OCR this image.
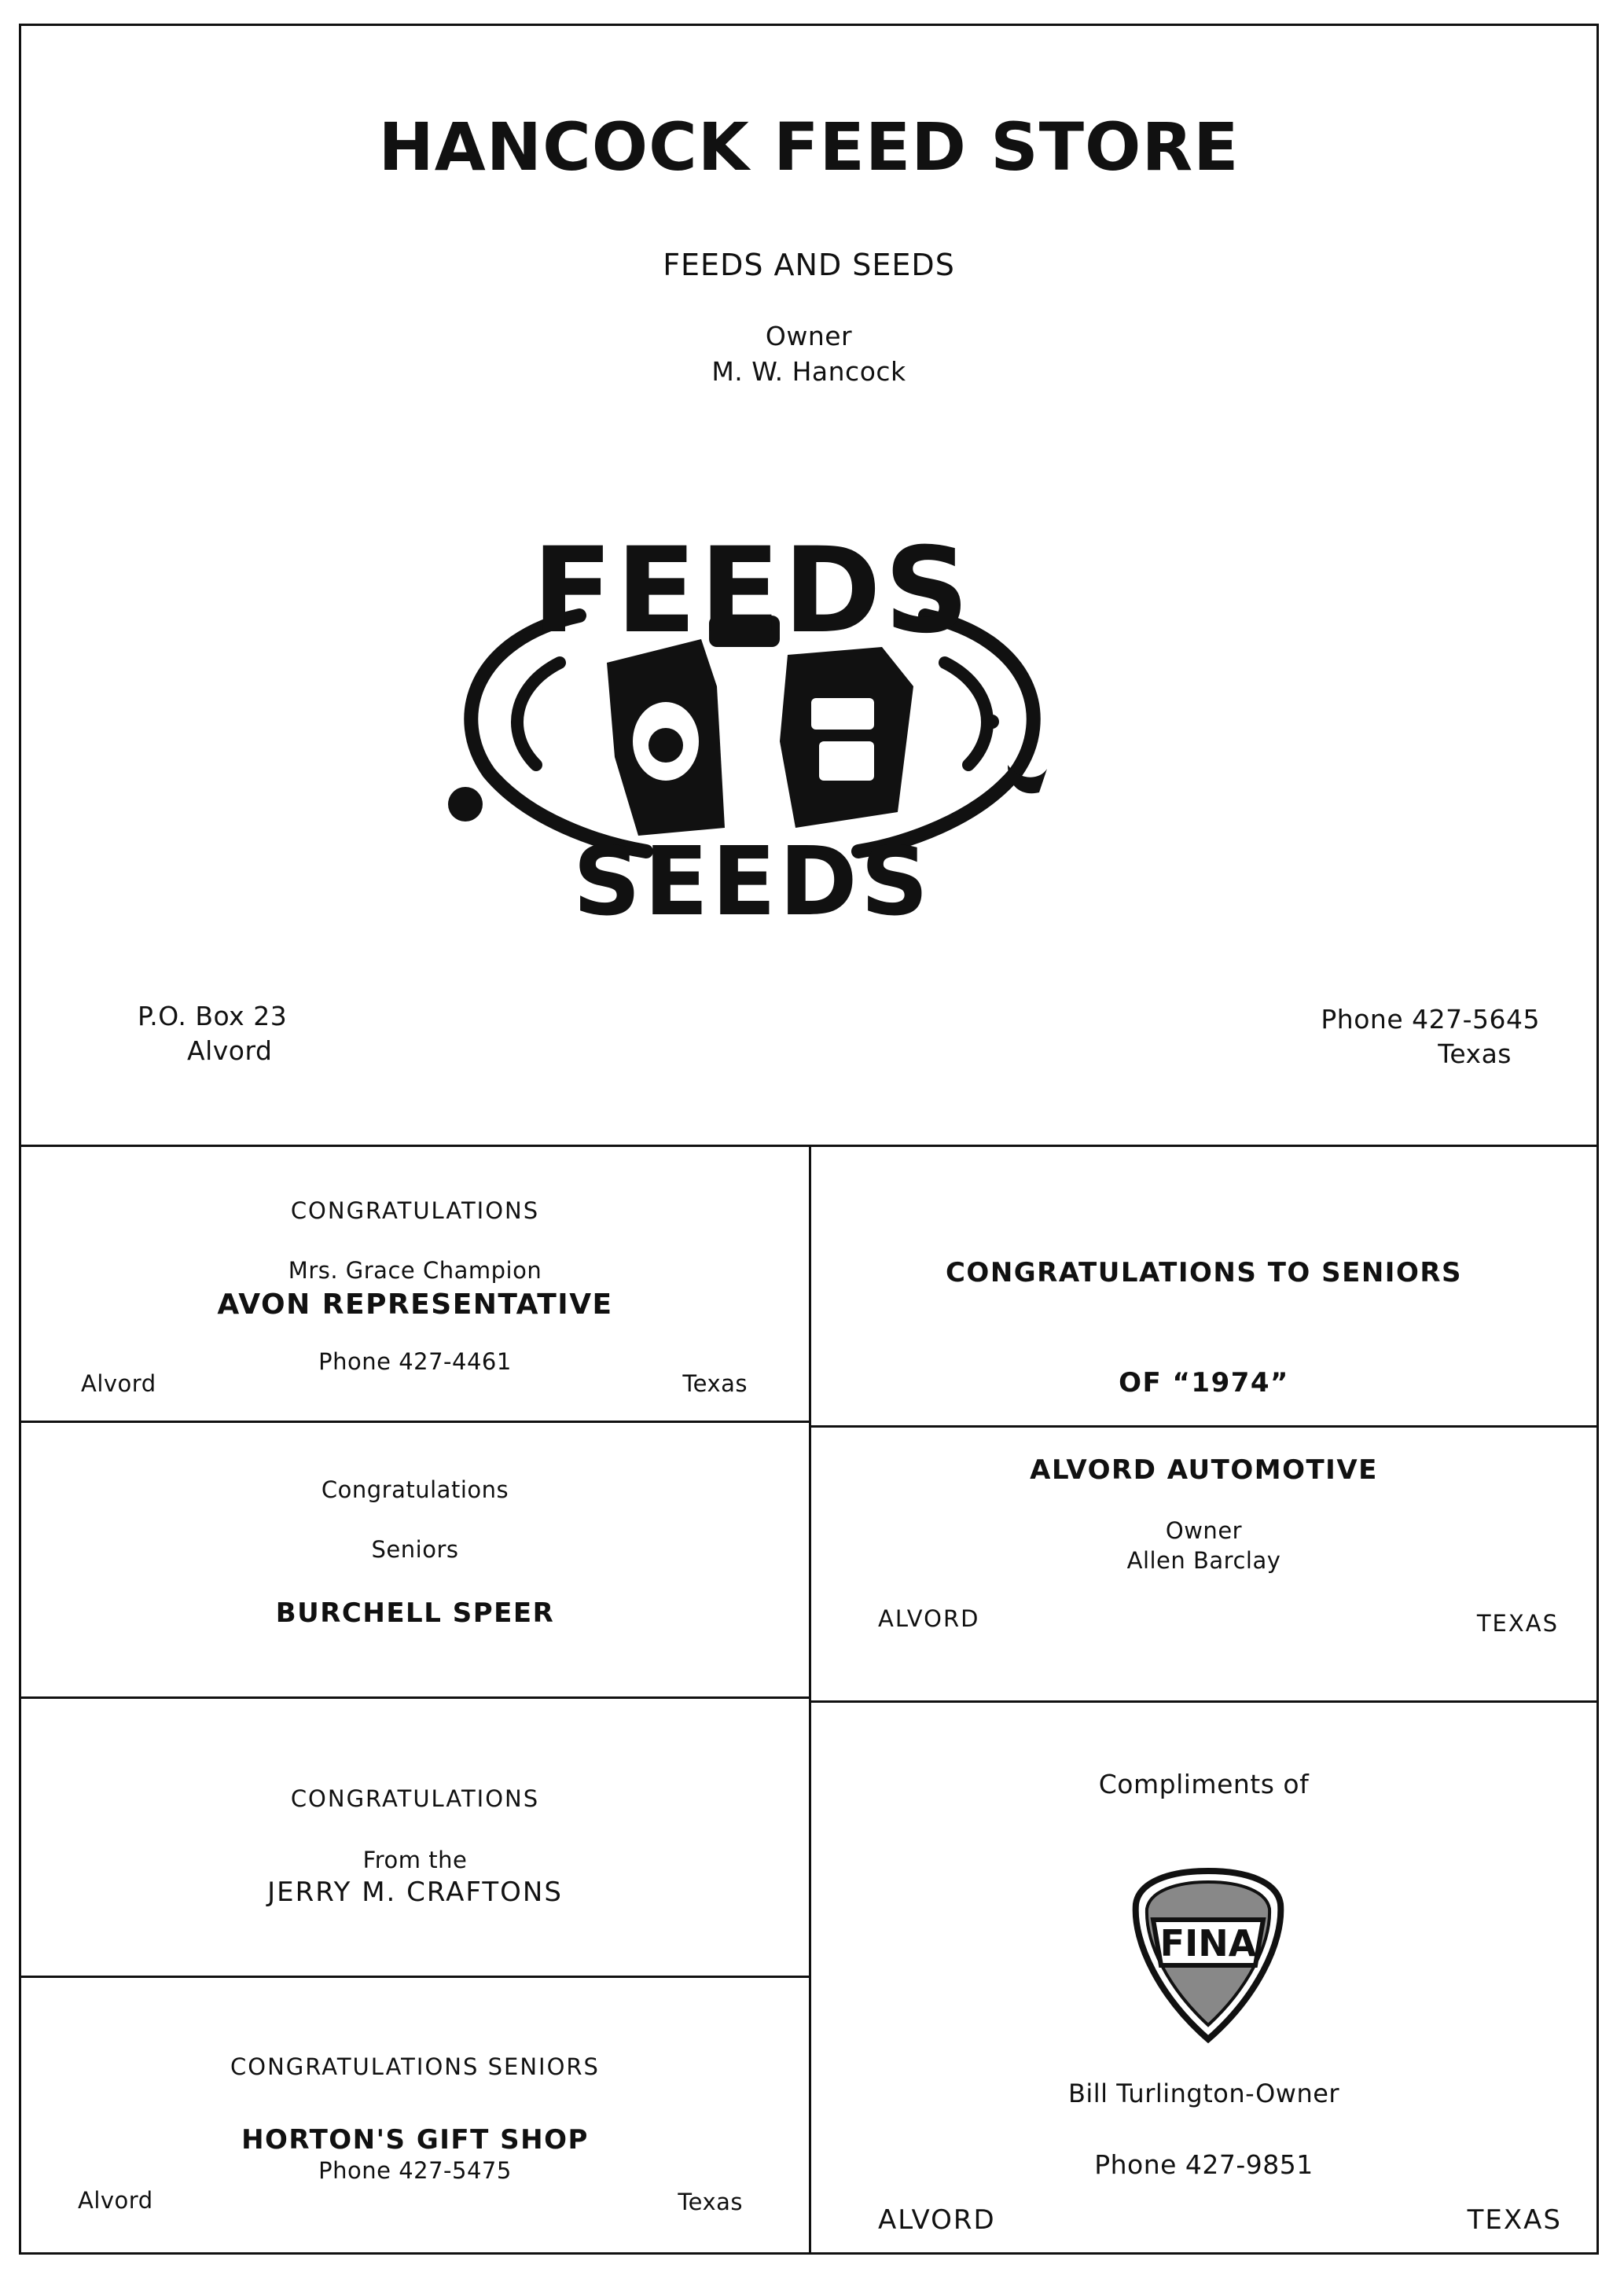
HANCOCK FEED STORE
FEEDS AND SEEDS
Owner
M. W. Hancock
FEEDS
SEEDS
P.O. Box 23
Alvord
Phone 427-5645
Texas
CONGRATULATIONS
Mrs. Grace Champion
AVON REPRESENTATIVE
Phone 427-4461
Alvord	Texas
CONGRATULATIONS TO SENIORS
OF “1974”
Congratulations
Seniors
BURCHELL SPEER
ALVORD AUTOMOTIVE
Owner
Allen Barclay
ALVORD	TEXAS
CONGRATULATIONS
From the
JERRY M. CRAFTONS
Compliments of
FINA
Bill Turlington-Owner
Phone 427-9851
ALVORD	TEXAS
CONGRATULATIONS SENIORS
HORTON'S GIFT SHOP
Phone 427-5475
Alvord	Texas
